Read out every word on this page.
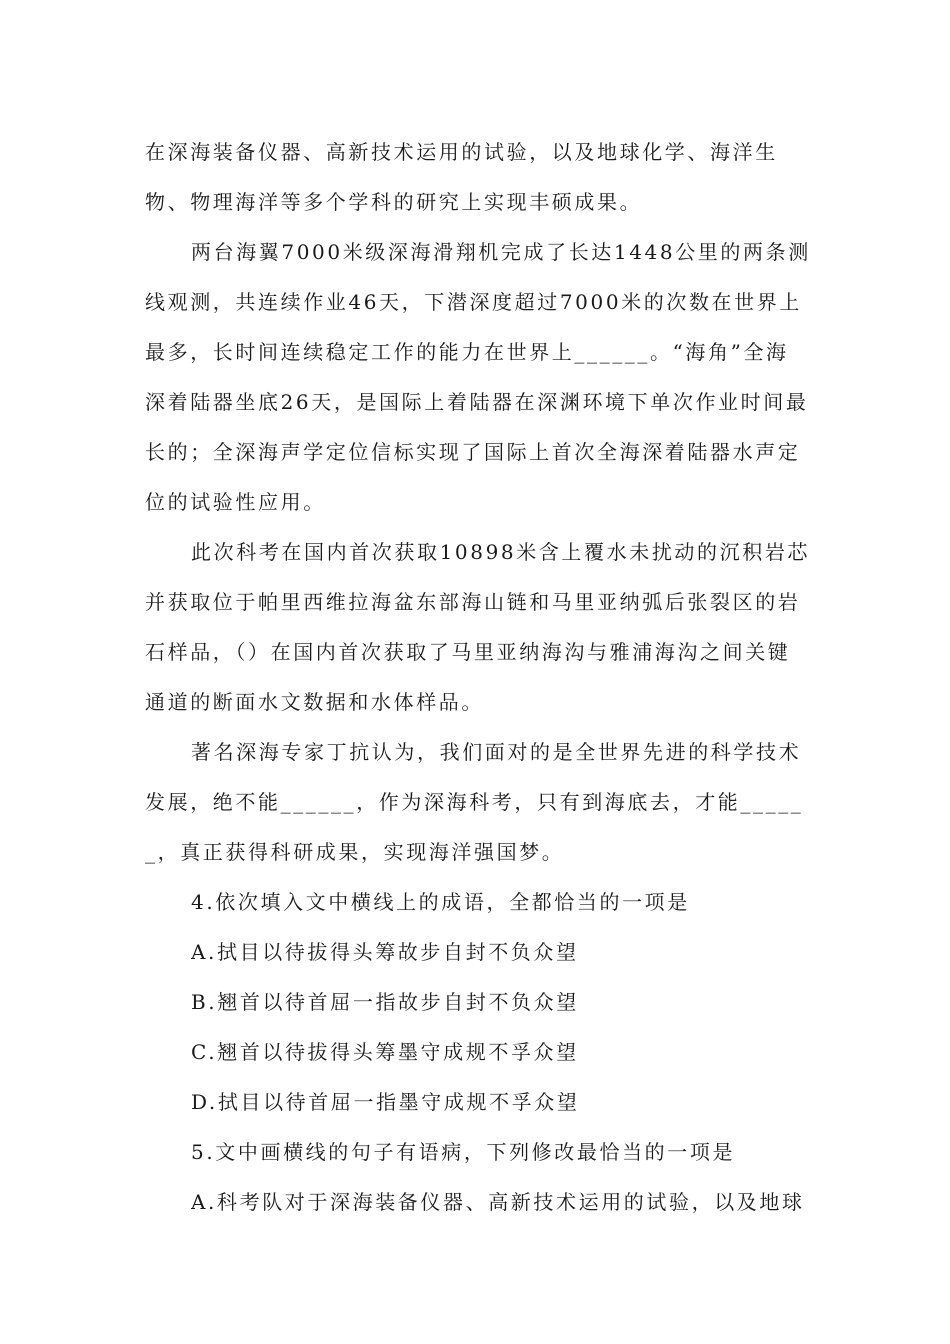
在深海装备仪器、高新技术运用的试验，以及地球化学、海洋生
物、物理海洋等多个学科的研究上实现丰硕成果。
两台海翼7000米级深海滑翔机完成了长达1448公里的两条测
线观测，共连续作业46天，下潜深度超过7000米的次数在世界上
最多，长时间连续稳定工作的能力在世界上______。“海角”全海
深着陆器坐底26天，是国际上着陆器在深渊环境下单次作业时间最
长的；全深海声学定位信标实现了国际上首次全海深着陆器水声定
位的试验性应用。
此次科考在国内首次获取10898米含上覆水未扰动的沉积岩芯
并获取位于帕里西维拉海盆东部海山链和马里亚纳弧后张裂区的岩
石样品，（）在国内首次获取了马里亚纳海沟与雅浦海沟之间关键
通道的断面水文数据和水体样品。
著名深海专家丁抗认为，我们面对的是全世界先进的科学技术
发展，绝不能______，作为深海科考，只有到海底去，才能_____
_，真正获得科研成果，实现海洋强国梦。
4.依次填入文中横线上的成语，全都恰当的一项是
A.拭目以待拔得头筹故步自封不负众望
B.翘首以待首屈一指故步自封不负众望
C.翘首以待拔得头筹墨守成规不孚众望
D.拭目以待首屈一指墨守成规不孚众望
5.文中画横线的句子有语病，下列修改最恰当的一项是
A.科考队对于深海装备仪器、高新技术运用的试验，以及地球
